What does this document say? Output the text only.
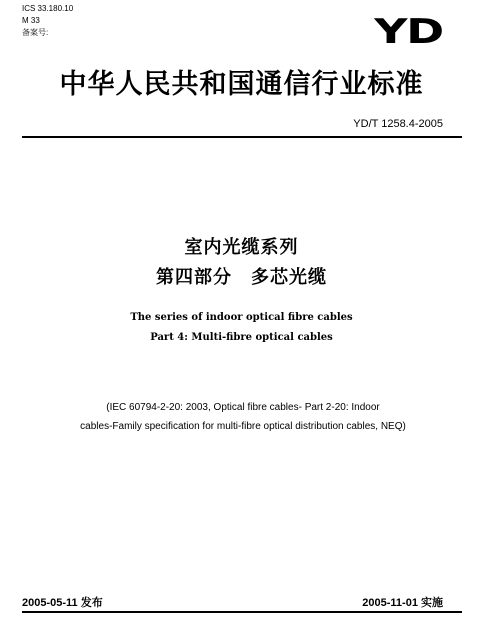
ICS 33.180.10
M 33
备案号:	YD
中华人民共和国通信行业标准
YD/T 1258.4-2005
室内光缆系列
第四部分　多芯光缆
The series of indoor optical fibre cables
Part 4: Multi-fibre optical cables
(IEC 60794-2-20: 2003, Optical fibre cables- Part 2-20: Indoor
cables-Family specification for multi-fibre optical distribution cables, NEQ)
2005-05-11 发布	2005-11-01 实施
